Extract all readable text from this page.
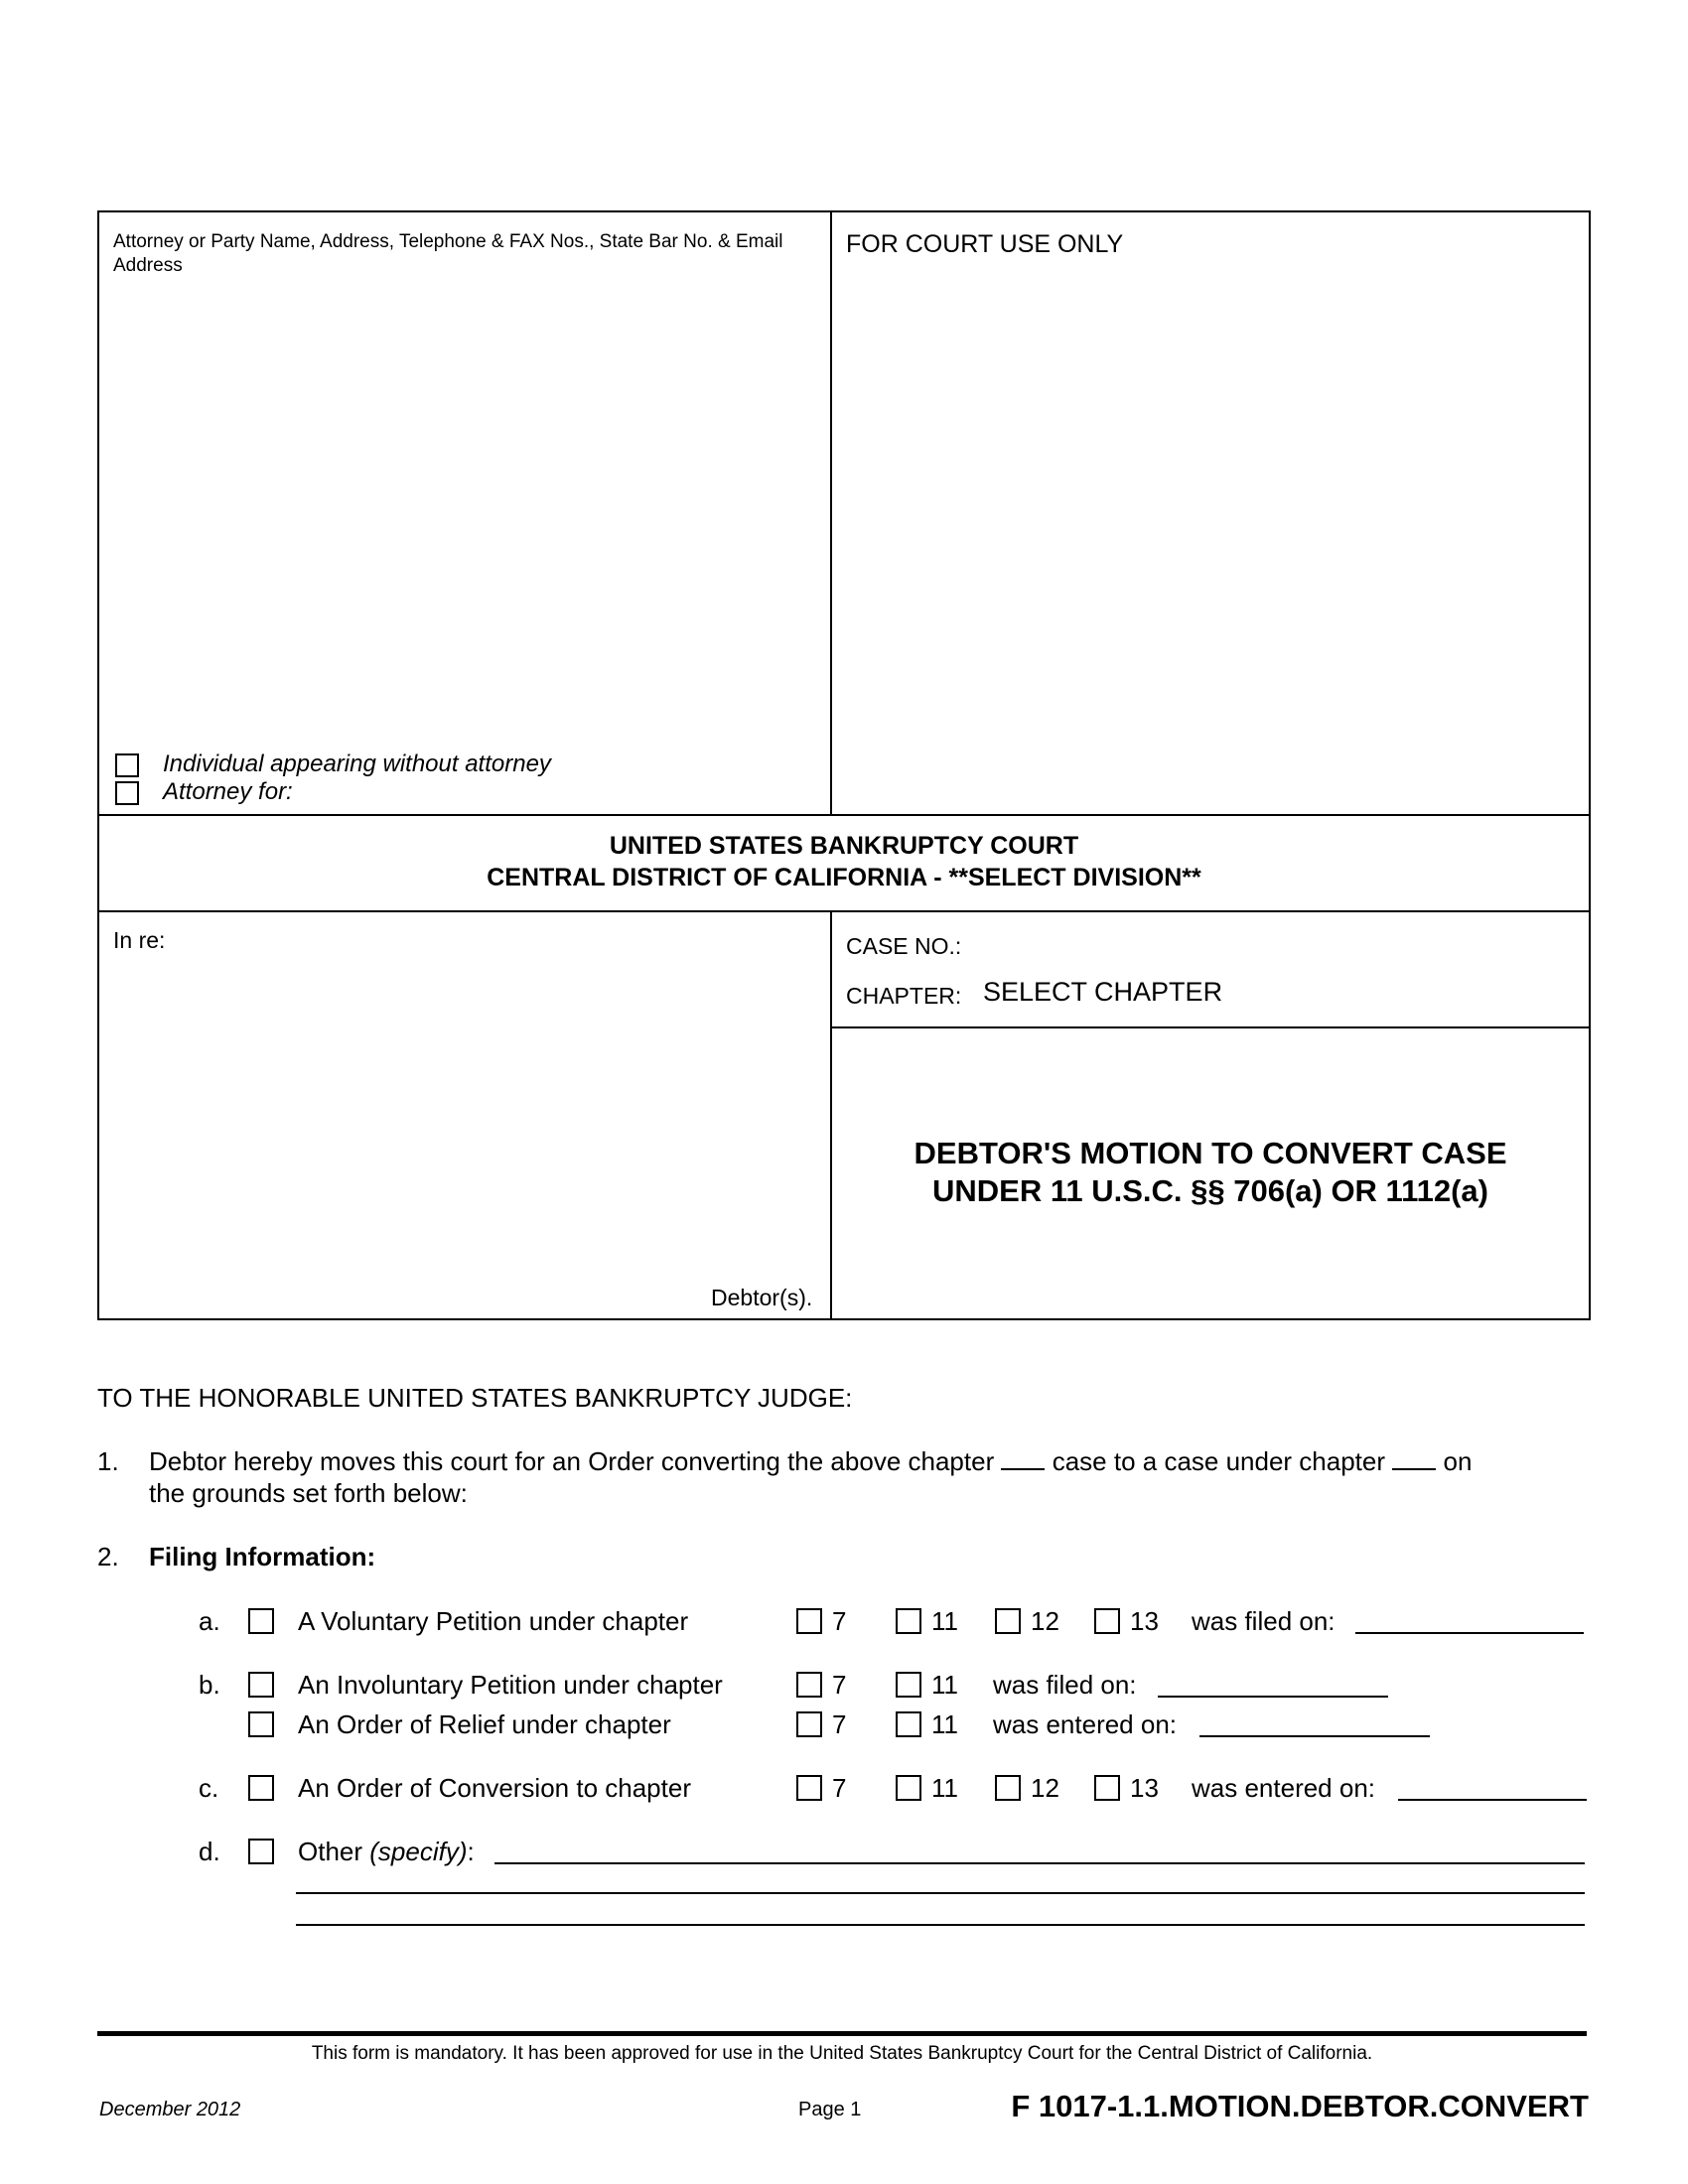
Attorney or Party Name, Address, Telephone & FAX Nos., State Bar No. & Email Address
FOR COURT USE ONLY
Individual appearing without attorney
Attorney for:
UNITED STATES BANKRUPTCY COURT
CENTRAL DISTRICT OF CALIFORNIA - **SELECT DIVISION**
In re:
Debtor(s).
CASE NO.:
CHAPTER: SELECT CHAPTER
DEBTOR'S MOTION TO CONVERT CASE
UNDER 11 U.S.C. §§ 706(a) OR 1112(a)
TO THE HONORABLE UNITED STATES BANKRUPTCY JUDGE:
1. Debtor hereby moves this court for an Order converting the above chapter case to a case under chapter on
the grounds set forth below:
2. Filing Information:
a.	A Voluntary Petition under chapter	7	11	12	13 was filed on:
b.	An Involuntary Petition under chapter	7	11 was filed on:
An Order of Relief under chapter	7	11 was entered on:
c.	An Order of Conversion to chapter	7	11	12	13 was entered on:
d.	Other (specify):
This form is mandatory. It has been approved for use in the United States Bankruptcy Court for the Central District of California.
December 2012	Page 1	F 1017-1.1.MOTION.DEBTOR.CONVERT
